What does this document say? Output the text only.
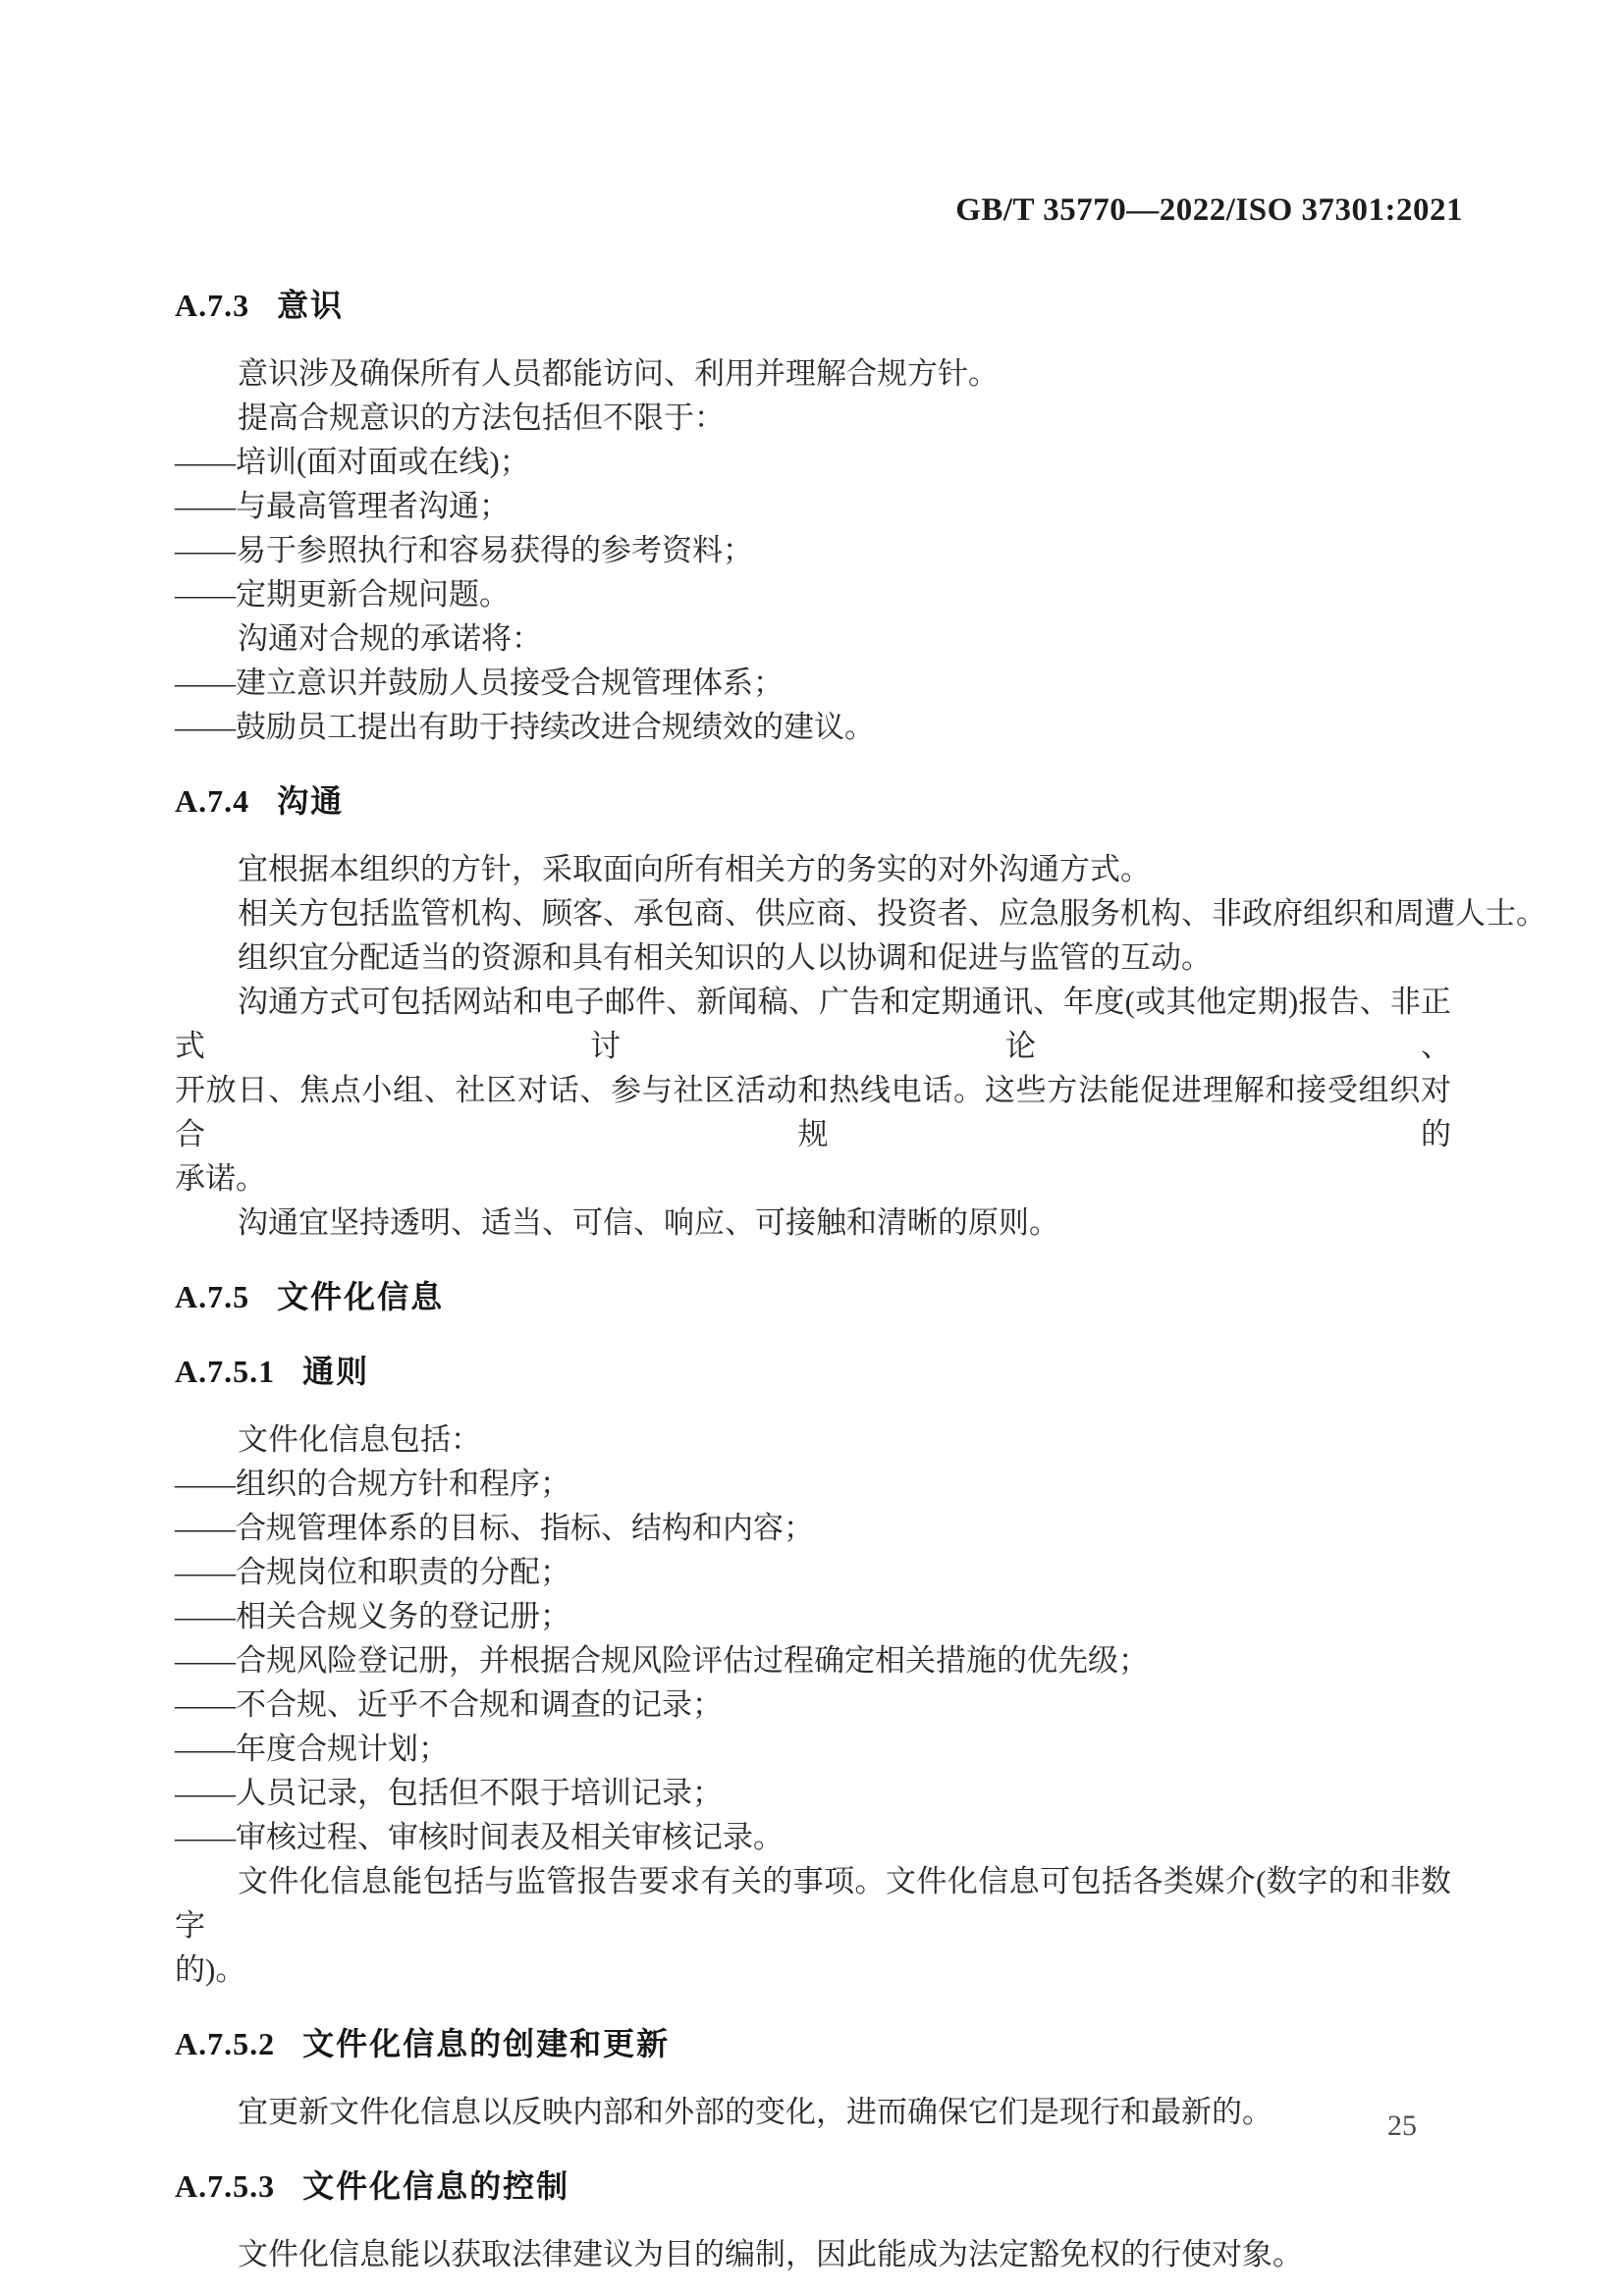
GB/T 35770—2022/ISO 37301:2021
A.7.3 意识

意识涉及确保所有人员都能访问、利用并理解合规方针。

提高合规意识的方法包括但不限于：

——培训(面对面或在线)；

——与最高管理者沟通；

——易于参照执行和容易获得的参考资料；

——定期更新合规问题。

沟通对合规的承诺将：

——建立意识并鼓励人员接受合规管理体系；

——鼓励员工提出有助于持续改进合规绩效的建议。

A.7.4 沟通

宜根据本组织的方针，采取面向所有相关方的务实的对外沟通方式。

相关方包括监管机构、顾客、承包商、供应商、投资者、应急服务机构、非政府组织和周遭人士。

组织宜分配适当的资源和具有相关知识的人以协调和促进与监管的互动。

沟通方式可包括网站和电子邮件、新闻稿、广告和定期通讯、年度(或其他定期)报告、非正式讨论、

开放日、焦点小组、社区对话、参与社区活动和热线电话。这些方法能促进理解和接受组织对合规的

承诺。

沟通宜坚持透明、适当、可信、响应、可接触和清晰的原则。

A.7.5 文件化信息
A.7.5.1 通则

文件化信息包括：

——组织的合规方针和程序；

——合规管理体系的目标、指标、结构和内容；

——合规岗位和职责的分配；

——相关合规义务的登记册；

——合规风险登记册，并根据合规风险评估过程确定相关措施的优先级；

——不合规、近乎不合规和调查的记录；

——年度合规计划；

——人员记录，包括但不限于培训记录；

——审核过程、审核时间表及相关审核记录。

文件化信息能包括与监管报告要求有关的事项。文件化信息可包括各类媒介(数字的和非数字

的)。

A.7.5.2 文件化信息的创建和更新

宜更新文件化信息以反映内部和外部的变化，进而确保它们是现行和最新的。

A.7.5.3 文件化信息的控制

文件化信息能以获取法律建议为目的编制，因此能成为法定豁免权的行使对象。

25
